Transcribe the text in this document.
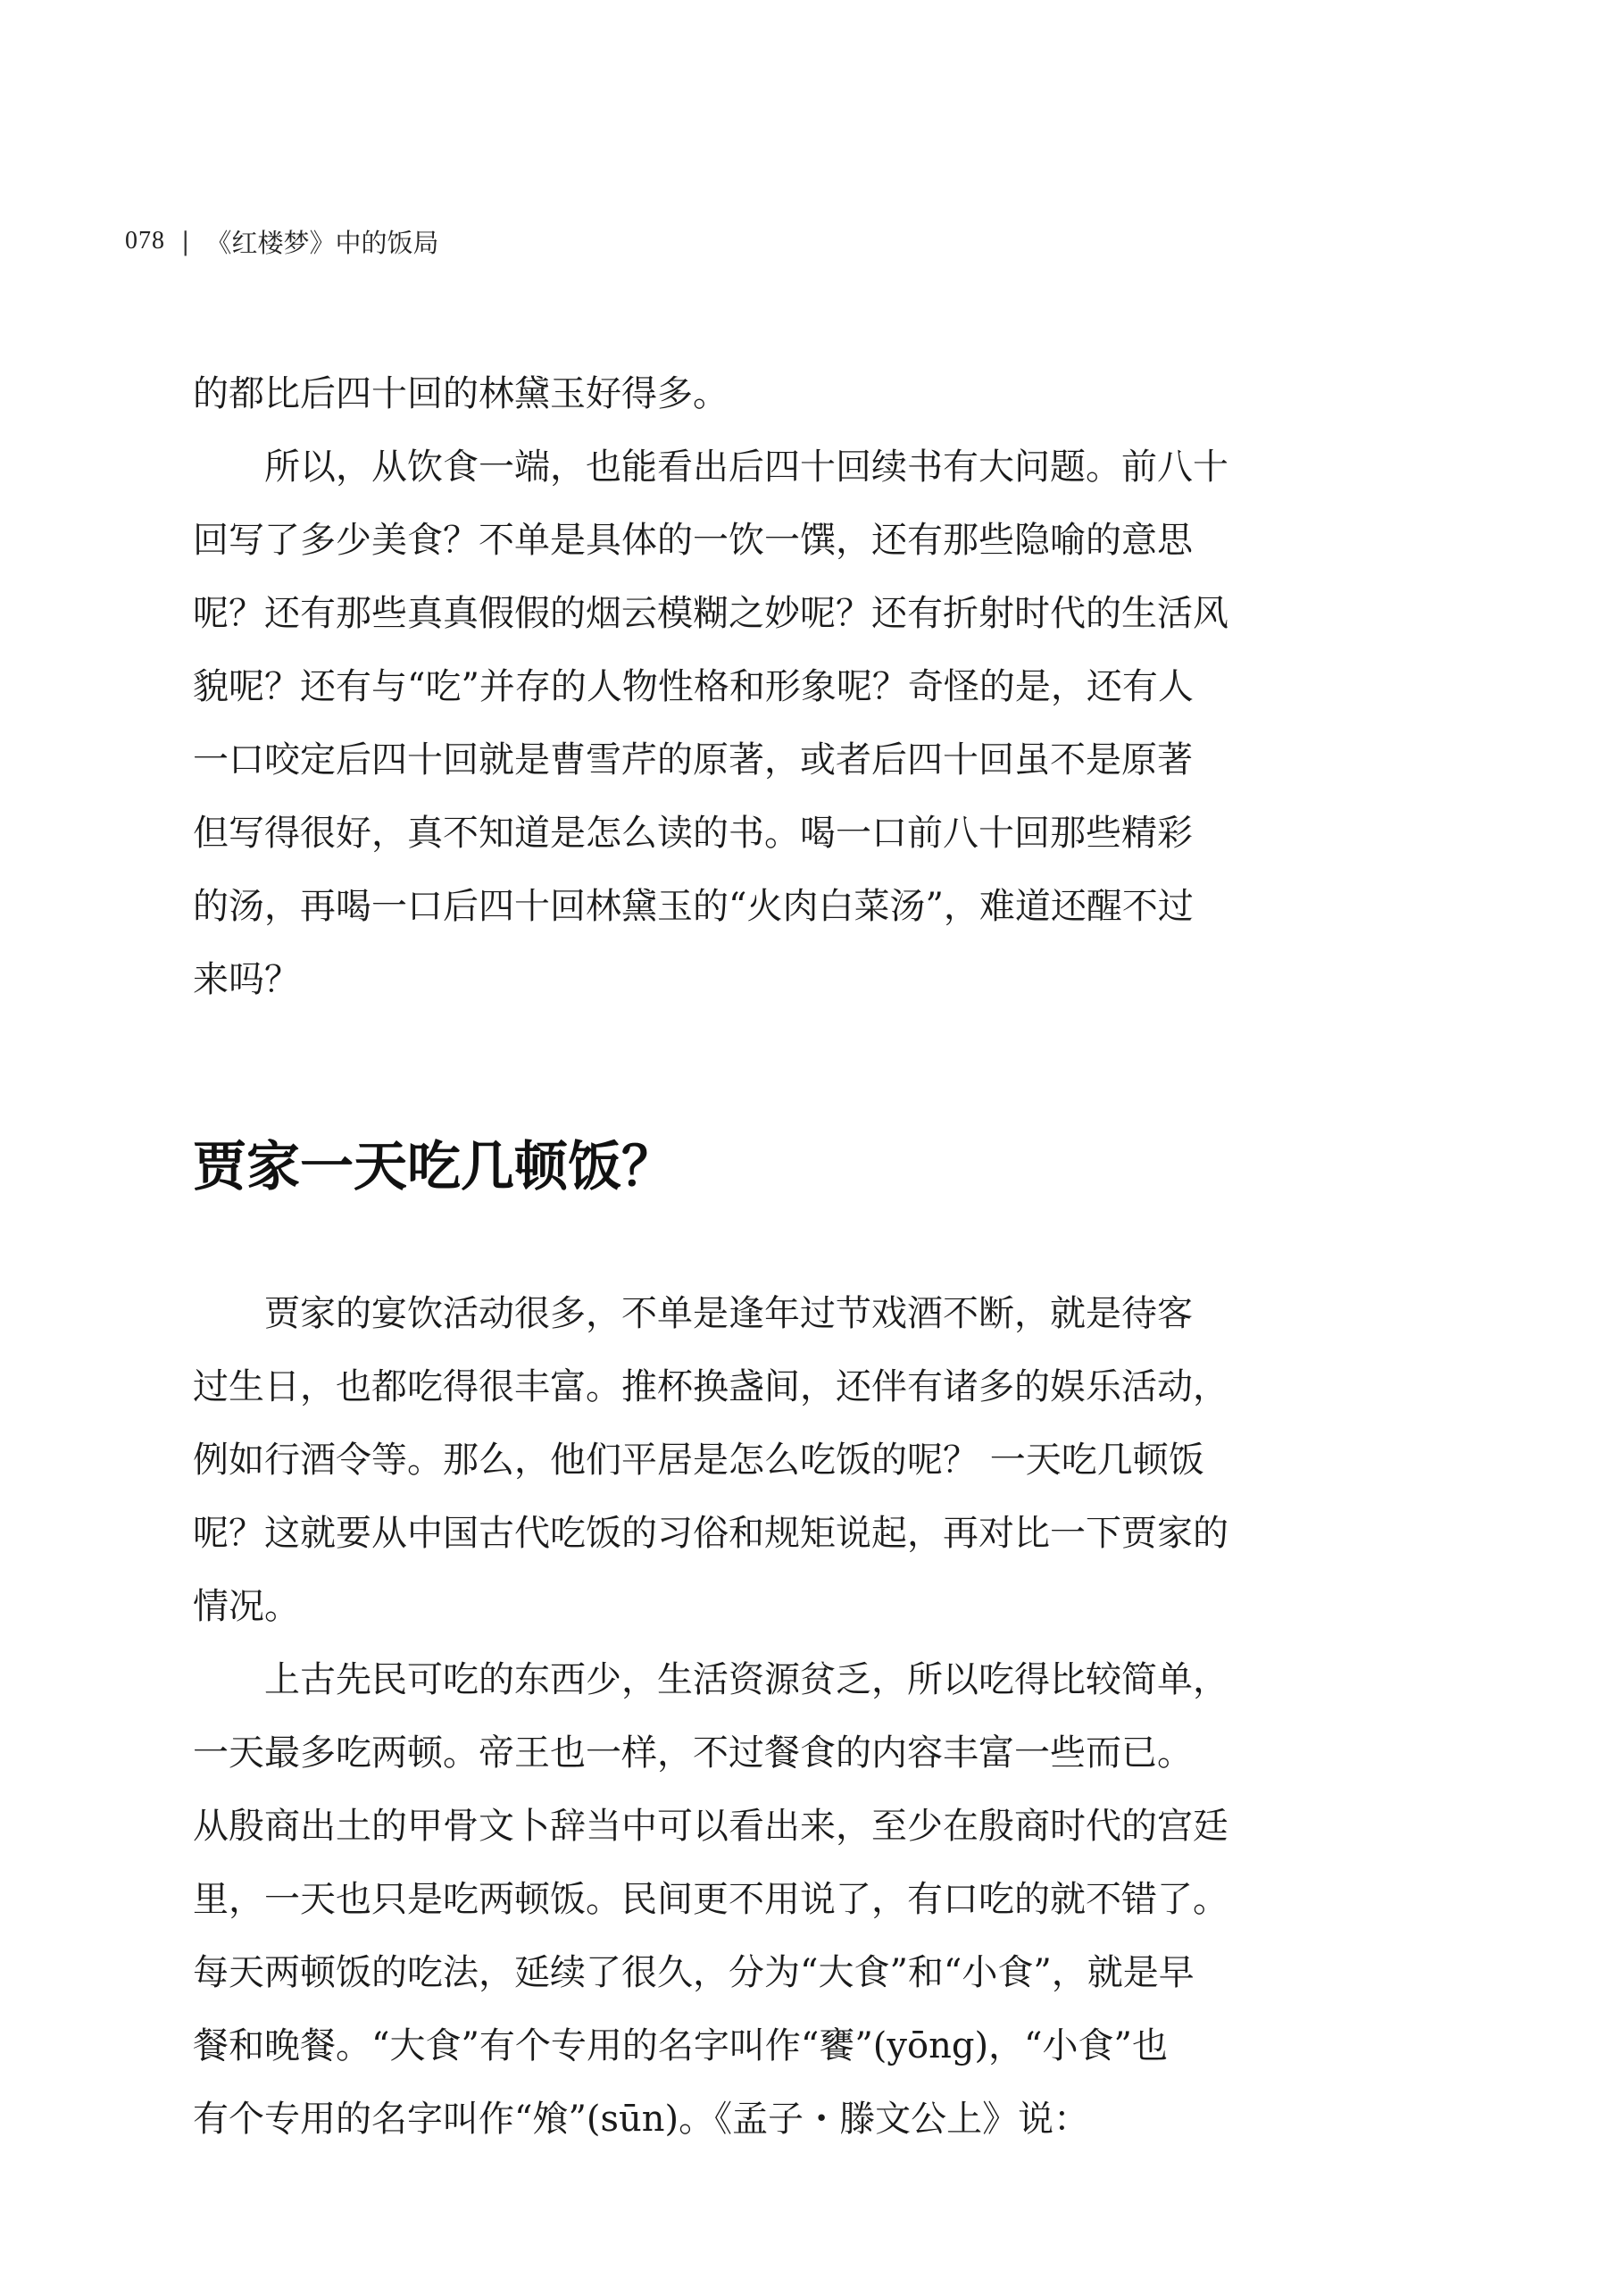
078 | 《红楼梦》中的饭局

的都比后四十回的林黛玉好得多。

　　所以，从饮食一端，也能看出后四十回续书有大问题。前八十
回写了多少美食？不单是具体的一饮一馔，还有那些隐喻的意思
呢？还有那些真真假假的烟云模糊之妙呢？还有折射时代的生活风
貌呢？还有与“吃”并存的人物性格和形象呢？奇怪的是，还有人
一口咬定后四十回就是曹雪芹的原著，或者后四十回虽不是原著
但写得很好，真不知道是怎么读的书。喝一口前八十回那些精彩
的汤，再喝一口后四十回林黛玉的“火肉白菜汤”，难道还醒不过
来吗？

贾家一天吃几顿饭？

　　贾家的宴饮活动很多，不单是逢年过节戏酒不断，就是待客
过生日，也都吃得很丰富。推杯换盏间，还伴有诸多的娱乐活动，
例如行酒令等。那么，他们平居是怎么吃饭的呢？ 一天吃几顿饭
呢？这就要从中国古代吃饭的习俗和规矩说起，再对比一下贾家的
情况。

　　上古先民可吃的东西少，生活资源贫乏，所以吃得比较简单，
一天最多吃两顿。帝王也一样，不过餐食的内容丰富一些而已。
从殷商出土的甲骨文卜辞当中可以看出来，至少在殷商时代的宫廷
里，一天也只是吃两顿饭。民间更不用说了，有口吃的就不错了。
每天两顿饭的吃法，延续了很久，分为“大食”和“小食”，就是早
餐和晚餐。“大食”有个专用的名字叫作“饔”(yōng)，“小食”也
有个专用的名字叫作“飧”(sūn)。《孟子・滕文公上》说：
